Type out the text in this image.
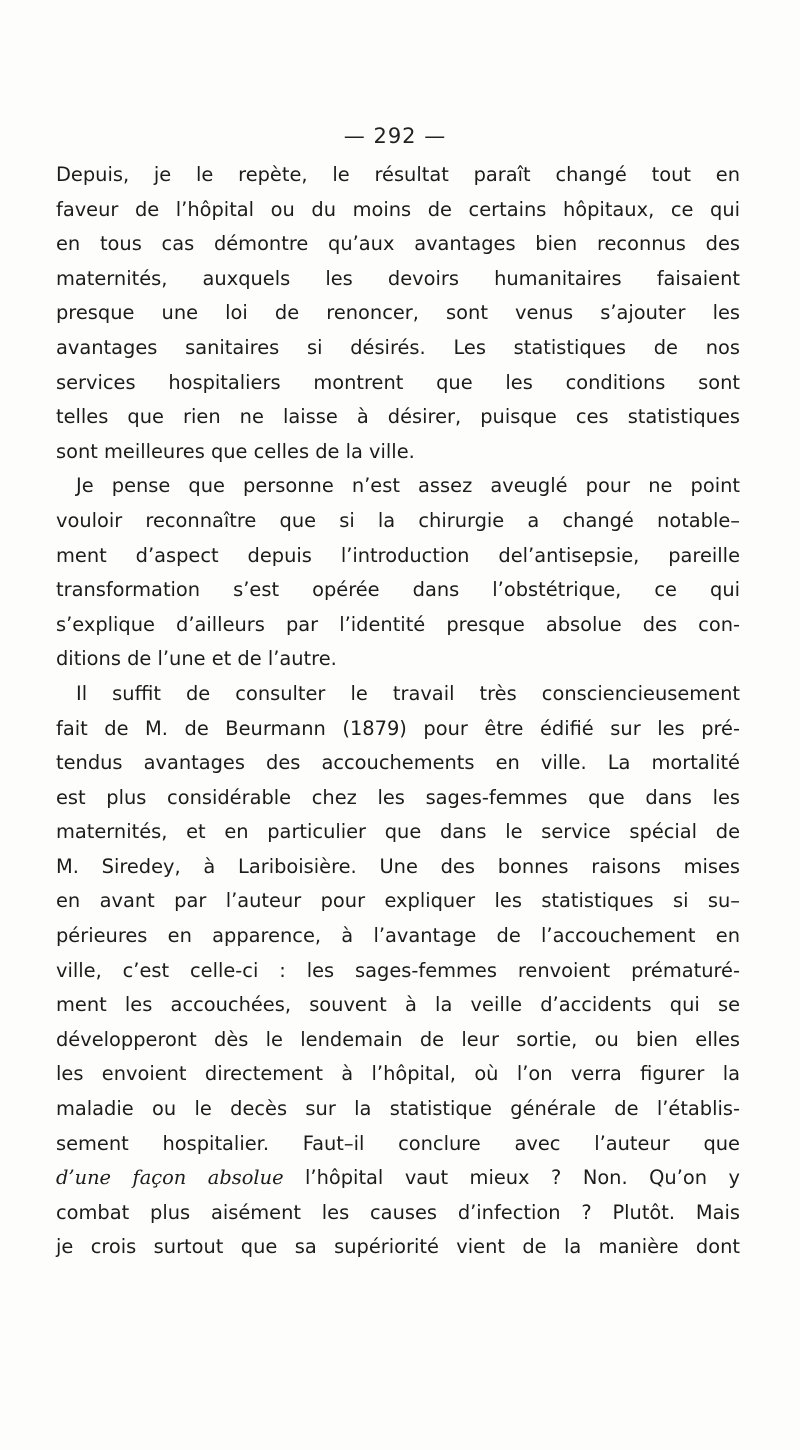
— 292 —
Depuis, je le repète, le résultat paraît changé tout en
faveur de l’hôpital ou du moins de certains hôpitaux, ce qui
en tous cas démontre qu’aux avantages bien reconnus des
maternités, auxquels les devoirs humanitaires faisaient
presque une loi de renoncer, sont venus s’ajouter les
avantages sanitaires si désirés. Les statistiques de nos
services hospitaliers montrent que les conditions sont
telles que rien ne laisse à désirer, puisque ces statistiques
sont meilleures que celles de la ville.
Je pense que personne n’est assez aveuglé pour ne point
vouloir reconnaître que si la chirurgie a changé notable–
ment d’aspect depuis l’introduction del’antisepsie, pareille
transformation s’est opérée dans l’obstétrique, ce qui
s’explique d’ailleurs par l’identité presque absolue des con-
ditions de l’une et de l’autre.
Il suffit de consulter le travail très consciencieusement
fait de M. de Beurmann (1879) pour être édifié sur les pré-
tendus avantages des accouchements en ville. La mortalité
est plus considérable chez les sages-femmes que dans les
maternités, et en particulier que dans le service spécial de
M. Siredey, à Lariboisière. Une des bonnes raisons mises
en avant par l’auteur pour expliquer les statistiques si su–
périeures en apparence, à l’avantage de l’accouchement en
ville, c’est celle-ci : les sages-femmes renvoient prématuré-
ment les accouchées, souvent à la veille d’accidents qui se
développeront dès le lendemain de leur sortie, ou bien elles
les envoient directement à l’hôpital, où l’on verra figurer la
maladie ou le decès sur la statistique générale de l’établis-
sement hospitalier. Faut–il conclure avec l’auteur que
d’une façon absolue l’hôpital vaut mieux ? Non. Qu’on y
combat plus aisément les causes d’infection ? Plutôt. Mais
je crois surtout que sa supériorité vient de la manière dont
